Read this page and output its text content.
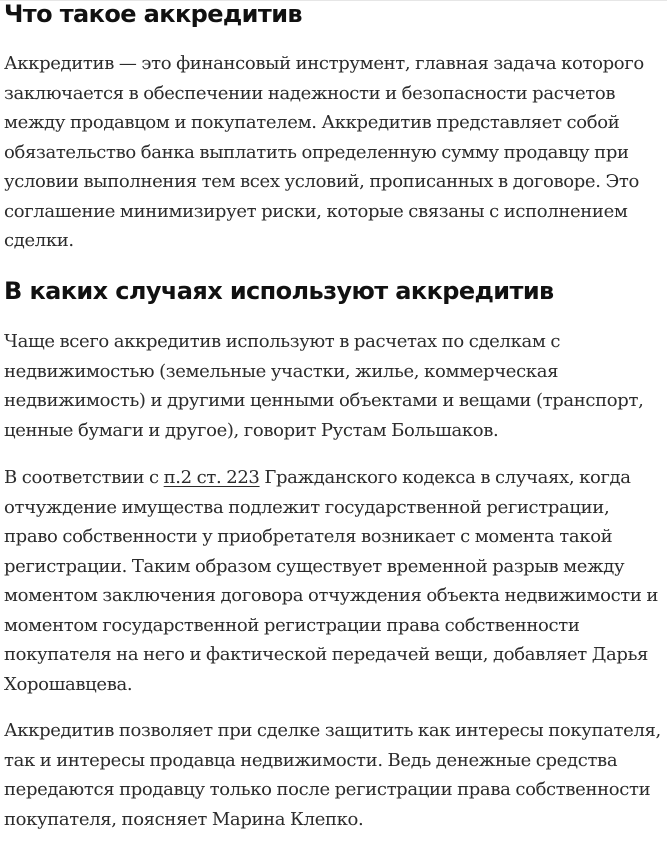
Что такое аккредитив

Аккредитив — это финансовый инструмент, главная задача которого заключается в обеспечении надежности и безопасности расчетов между продавцом и покупателем. Аккредитив представляет собой обязательство банка выплатить определенную сумму продавцу при условии выполнения тем всех условий, прописанных в договоре. Это соглашение минимизирует риски, которые связаны с исполнением сделки.

В каких случаях используют аккредитив

Чаще всего аккредитив используют в расчетах по сделкам с недвижимостью (земельные участки, жилье, коммерческая недвижимость) и другими ценными объектами и вещами (транспорт, ценные бумаги и другое), говорит Рустам Большаков.

В соответствии с п.2 ст. 223 Гражданского кодекса в случаях, когда отчуждение имущества подлежит государственной регистрации, право собственности у приобретателя возникает с момента такой регистрации. Таким образом существует временной разрыв между моментом заключения договора отчуждения объекта недвижимости и моментом государственной регистрации права собственности покупателя на него и фактической передачей вещи, добавляет Дарья Хорошавцева.

Аккредитив позволяет при сделке защитить как интересы покупателя, так и интересы продавца недвижимости. Ведь денежные средства передаются продавцу только после регистрации права собственности покупателя, поясняет Марина Клепко.
